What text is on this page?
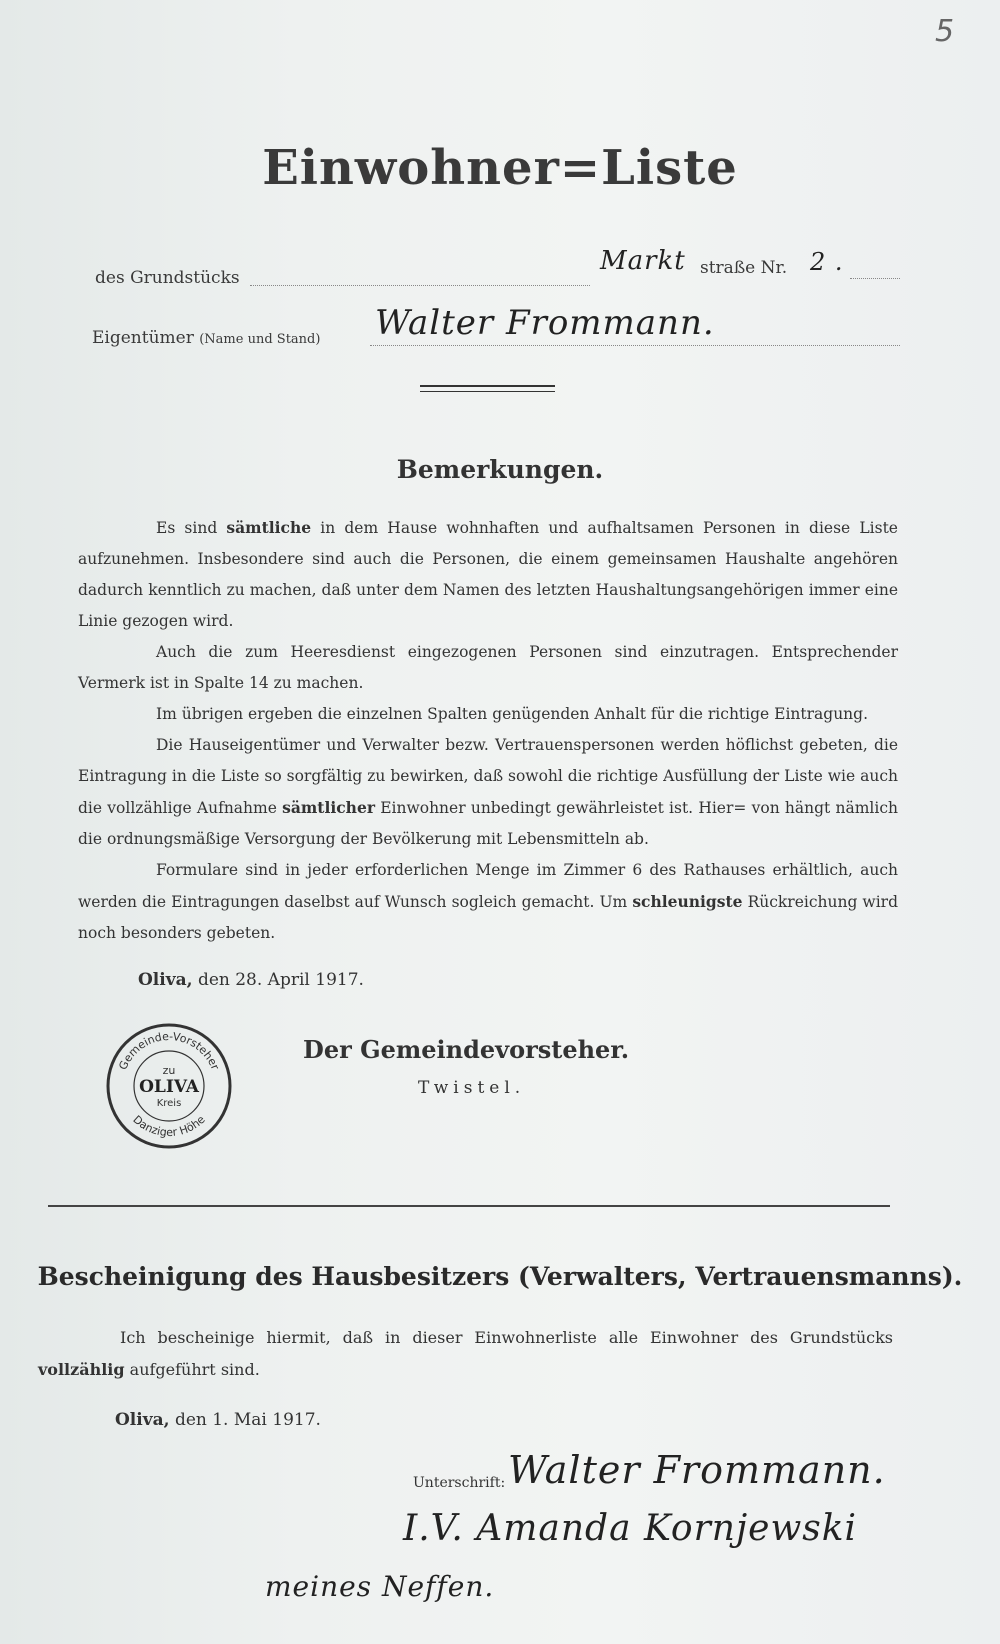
5
Einwohner=Liste
des Grundstücks
Markt straße Nr. 2 .
Eigentümer (Name und Stand) Walter Frommann.
Bemerkungen.

Es sind sämtliche in dem Hause wohnhaften und aufhaltsamen Personen in diese Liste aufzunehmen. Insbesondere sind auch die Personen, die einem gemeinsamen Haushalte angehören dadurch kenntlich zu machen, daß unter dem Namen des letzten Haushaltungsangehörigen immer eine Linie gezogen wird.

Auch die zum Heeresdienst eingezogenen Personen sind einzutragen. Entsprechender Vermerk ist in Spalte 14 zu machen.

Im übrigen ergeben die einzelnen Spalten genügenden Anhalt für die richtige Eintragung.

Die Hauseigentümer und Verwalter bezw. Vertrauenspersonen werden höflichst gebeten, die Eintragung in die Liste so sorgfältig zu bewirken, daß sowohl die richtige Ausfüllung der Liste wie auch die vollzählige Aufnahme sämtlicher Einwohner unbedingt gewährleistet ist. Hier= von hängt nämlich die ordnungsmäßige Versorgung der Bevölkerung mit Lebensmitteln ab.

Formulare sind in jeder erforderlichen Menge im Zimmer 6 des Rathauses erhältlich, auch werden die Eintragungen daselbst auf Wunsch sogleich gemacht. Um schleunigste Rückreichung wird noch besonders gebeten.

Oliva, den 28. April 1917.
Gemeinde-Vorsteher
Danziger Höhe
zu
OLIVA
Kreis
Der Gemeindevorsteher.
Twistel.
Bescheinigung des Hausbesitzers (Verwalters, Vertrauensmanns).

Ich bescheinige hiermit, daß in dieser Einwohnerliste alle Einwohner des Grundstücks vollzählig aufgeführt sind.

Oliva, den 1. Mai 1917.
Unterschrift: Walter Frommann.
I.V. Amanda Kornjewski
meines Neffen.
